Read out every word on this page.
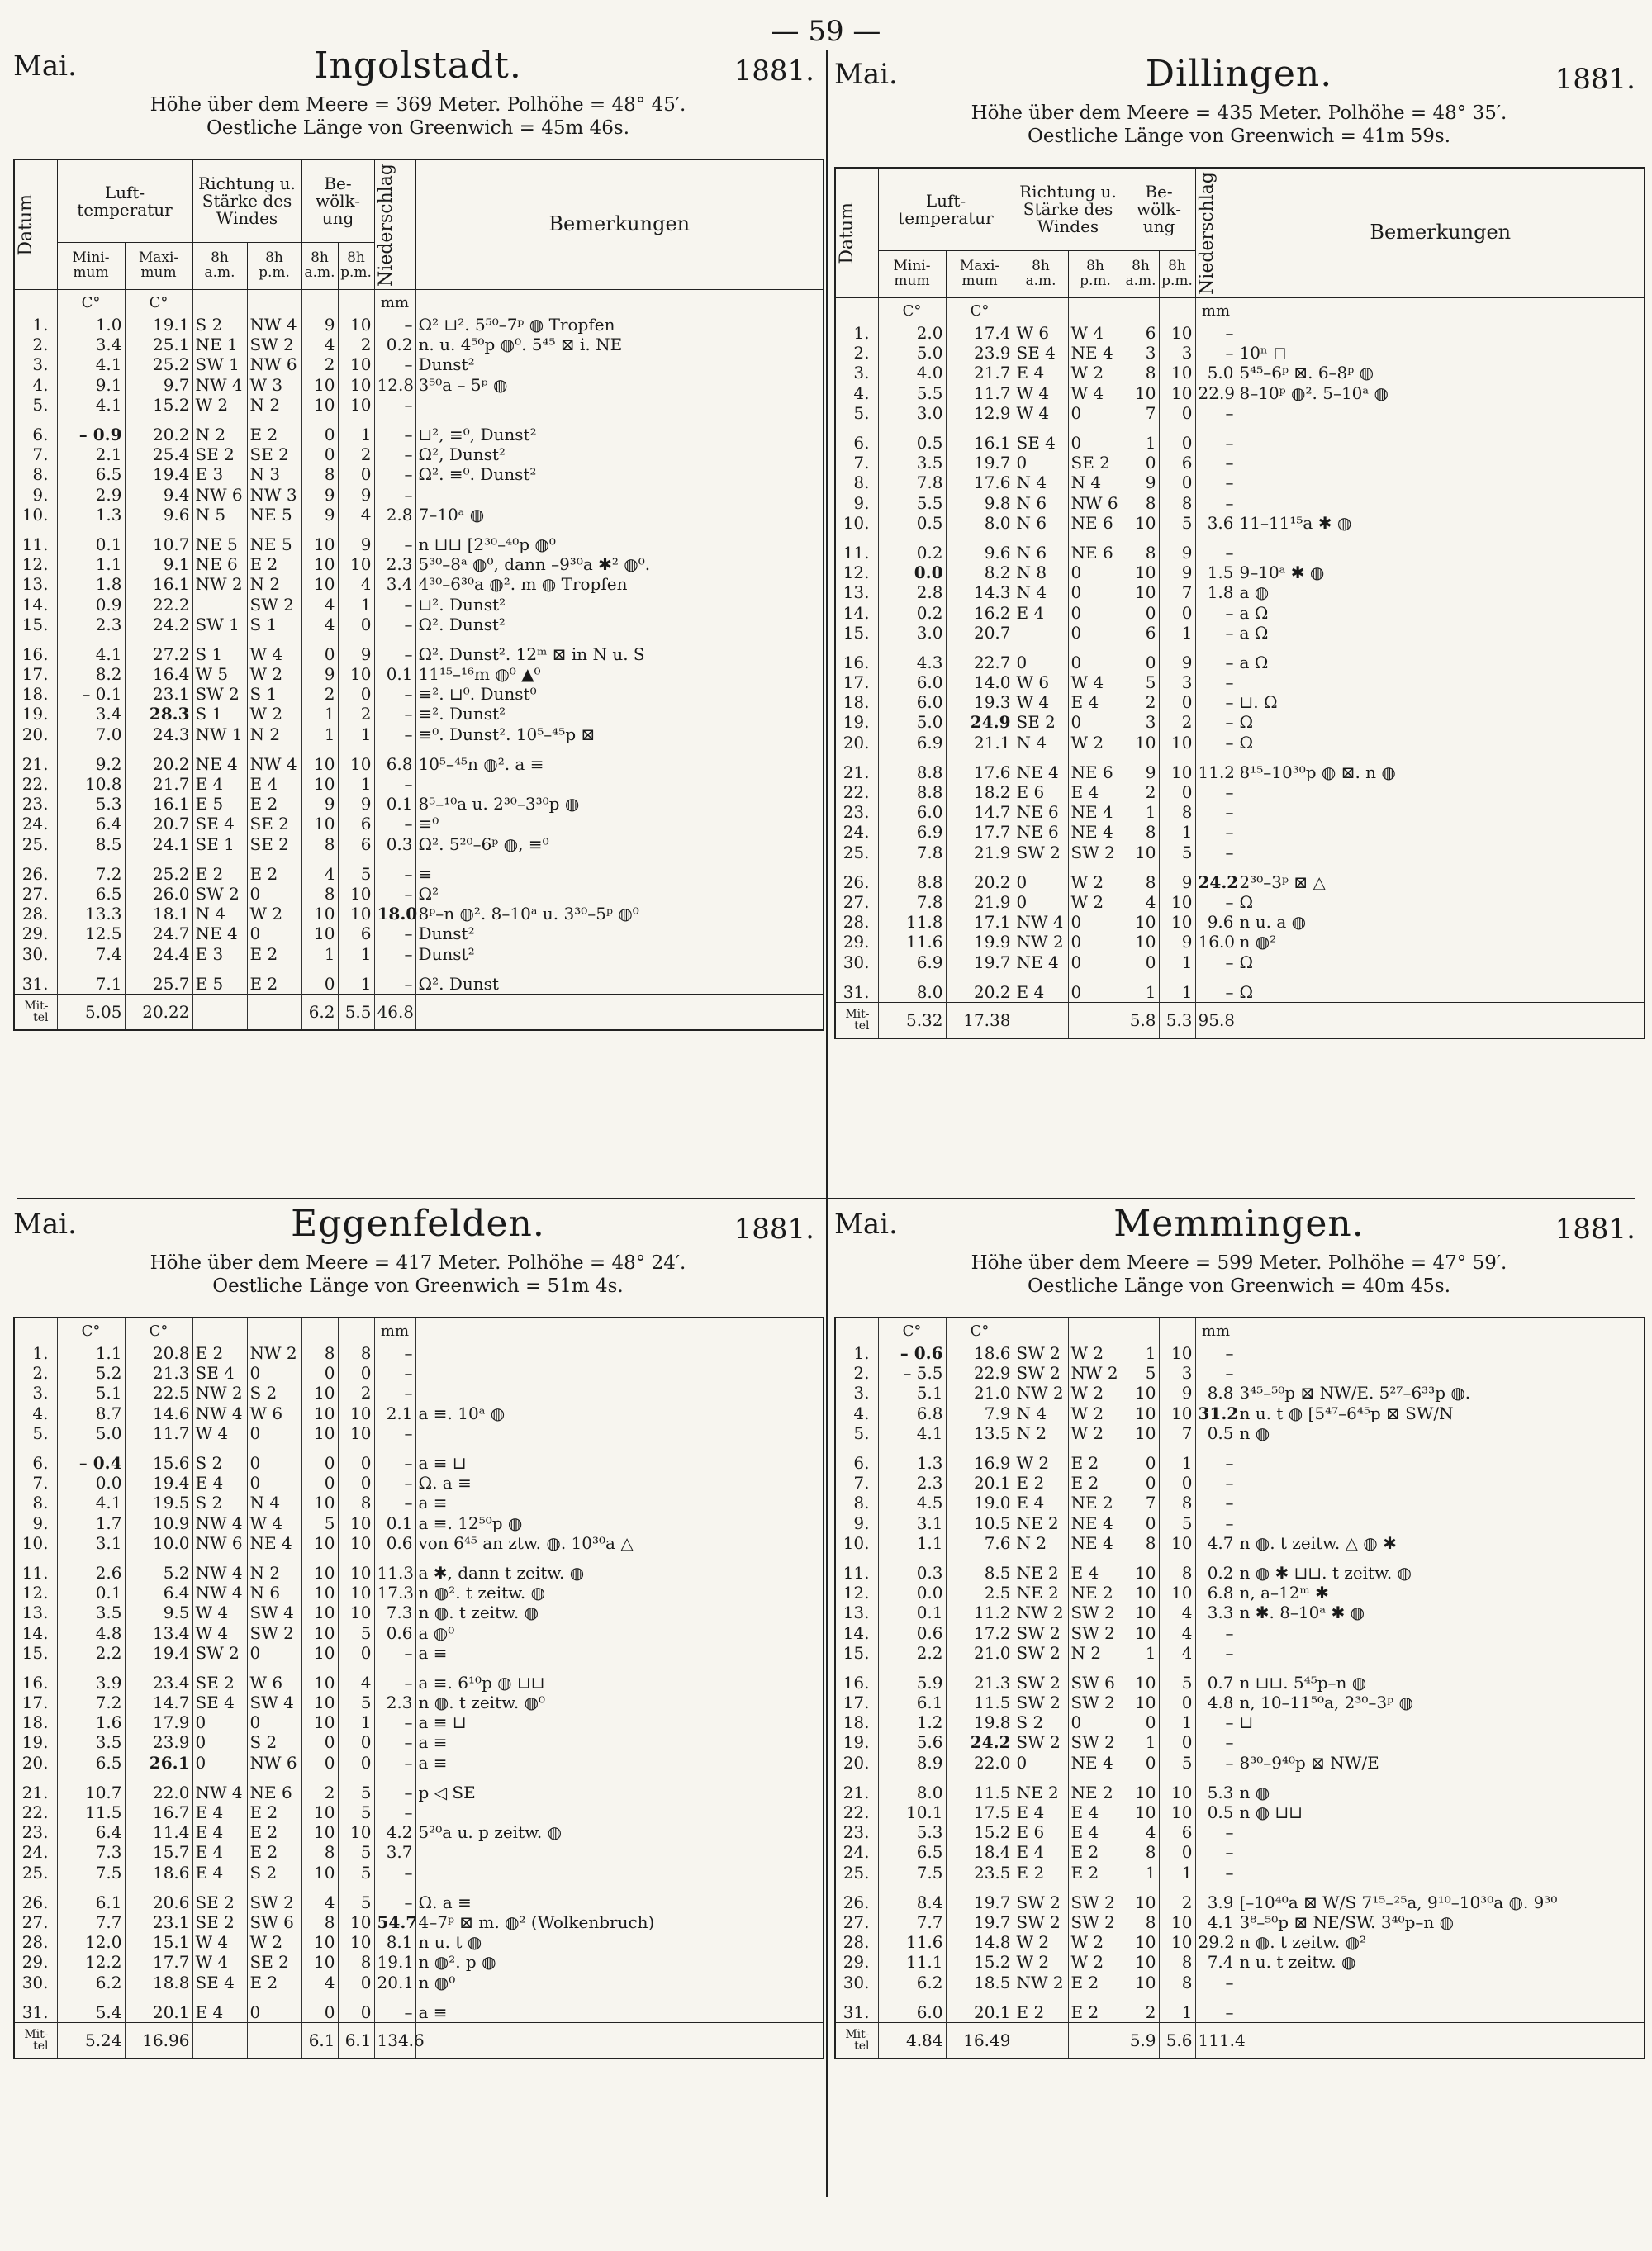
— 59 —
Mai.	Ingolstadt.	1881.
Höhe über dem Meere = 369 Meter. Polhöhe = 48° 45′.
Oestliche Länge von Greenwich = 45m 46s.
Datum	Luft-temperatur		Richtung u. Stärke des Windes		Be-wölk-ung		Niederschlag	Bemerkungen
	Mini-mum	Maxi-mum	8h a.m.	8h p.m.	8h a.m.	8h p.m.		
	C°	C°					mm	
1.	1.0	19.1	S 2	NW 4	9	10	–	Ω² ⊔². 5⁵⁰–7ᵖ ◍ Tropfen
2.	3.4	25.1	NE 1	SW 2	4	2	0.2	n. u. 4⁵⁰p ◍⁰. 5⁴⁵ ⊠ i. NE
3.	4.1	25.2	SW 1	NW 6	2	10	–	Dunst²
4.	9.1	9.7	NW 4	W 3	10	10	12.8	3⁵⁰a – 5ᵖ ◍
5.	4.1	15.2	W 2	N 2	10	10	–	
6.	– 0.9	20.2	N 2	E 2	0	1	–	⊔², ≡⁰, Dunst²
7.	2.1	25.4	SE 2	SE 2	0	2	–	Ω², Dunst²
8.	6.5	19.4	E 3	N 3	8	0	–	Ω². ≡⁰. Dunst²
9.	2.9	9.4	NW 6	NW 3	9	9	–	
10.	1.3	9.6	N 5	NE 5	9	4	2.8	7–10ᵃ ◍
11.	0.1	10.7	NE 5	NE 5	10	9	–	n ⊔⊔ [2³⁰–⁴⁰p ◍⁰
12.	1.1	9.1	NE 6	E 2	10	10	2.3	5³⁰–8ᵃ ◍⁰, dann –9³⁰a ✱² ◍⁰.
13.	1.8	16.1	NW 2	N 2	10	4	3.4	4³⁰–6³⁰a ◍². m ◍ Tropfen
14.	0.9	22.2		SW 2	4	1	–	⊔². Dunst²
15.	2.3	24.2	SW 1	S 1	4	0	–	Ω². Dunst²
16.	4.1	27.2	S 1	W 4	0	9	–	Ω². Dunst². 12ᵐ ⊠ in N u. S
17.	8.2	16.4	W 5	W 2	9	10	0.1	11¹⁵–¹⁶m ◍⁰ ▲⁰
18.	– 0.1	23.1	SW 2	S 1	2	0	–	≡². ⊔⁰. Dunst⁰
19.	3.4	28.3	S 1	W 2	1	2	–	≡². Dunst²
20.	7.0	24.3	NW 1	N 2	1	1	–	≡⁰. Dunst². 10⁵–⁴⁵p ⊠
21.	9.2	20.2	NE 4	NW 4	10	10	6.8	10⁵–⁴⁵n ◍². a ≡
22.	10.8	21.7	E 4	E 4	10	1	–	
23.	5.3	16.1	E 5	E 2	9	9	0.1	8⁵–¹⁰a u. 2³⁰–3³⁰p ◍
24.	6.4	20.7	SE 4	SE 2	10	6	–	≡⁰
25.	8.5	24.1	SE 1	SE 2	8	6	0.3	Ω². 5²⁰–6ᵖ ◍, ≡⁰
26.	7.2	25.2	E 2	E 2	4	5	–	≡
27.	6.5	26.0	SW 2	0	8	10	–	Ω²
28.	13.3	18.1	N 4	W 2	10	10	18.0	8ᵖ–n ◍². 8–10ᵃ u. 3³⁰–5ᵖ ◍⁰
29.	12.5	24.7	NE 4	0	10	6	–	Dunst²
30.	7.4	24.4	E 3	E 2	1	1	–	Dunst²
31.	7.1	25.7	E 5	E 2	0	1	–	Ω². Dunst
Mit-tel	5.05	20.22			6.2	5.5	46.8	
Mai.	Dillingen.	1881.
Höhe über dem Meere = 435 Meter. Polhöhe = 48° 35′.
Oestliche Länge von Greenwich = 41m 59s.
Datum	Luft-temperatur		Richtung u. Stärke des Windes		Be-wölk-ung		Niederschlag	Bemerkungen
	Mini-mum	Maxi-mum	8h a.m.	8h p.m.	8h a.m.	8h p.m.		
	C°	C°					mm	
1.	2.0	17.4	W 6	W 4	6	10	–	
2.	5.0	23.9	SE 4	NE 4	3	3	–	10ⁿ ⊓
3.	4.0	21.7	E 4	W 2	8	10	5.0	5⁴⁵–6ᵖ ⊠. 6–8ᵖ ◍
4.	5.5	11.7	W 4	W 4	10	10	22.9	8–10ᵖ ◍². 5–10ᵃ ◍
5.	3.0	12.9	W 4	0	7	0	–	
6.	0.5	16.1	SE 4	0	1	0	–	
7.	3.5	19.7	0	SE 2	0	6	–	
8.	7.8	17.6	N 4	N 4	9	0	–	
9.	5.5	9.8	N 6	NW 6	8	8	–	
10.	0.5	8.0	N 6	NE 6	10	5	3.6	11–11¹⁵a ✱ ◍
11.	0.2	9.6	N 6	NE 6	8	9	–	
12.	0.0	8.2	N 8	0	10	9	1.5	9–10ᵃ ✱ ◍
13.	2.8	14.3	N 4	0	10	7	1.8	a ◍
14.	0.2	16.2	E 4	0	0	0	–	a Ω
15.	3.0	20.7		0	6	1	–	a Ω
16.	4.3	22.7	0	0	0	9	–	a Ω
17.	6.0	14.0	W 6	W 4	5	3	–	
18.	6.0	19.3	W 4	E 4	2	0	–	⊔. Ω
19.	5.0	24.9	SE 2	0	3	2	–	Ω
20.	6.9	21.1	N 4	W 2	10	10	–	Ω
21.	8.8	17.6	NE 4	NE 6	9	10	11.2	8¹⁵–10³⁰p ◍ ⊠. n ◍
22.	8.8	18.2	E 6	E 4	2	0	–	
23.	6.0	14.7	NE 6	NE 4	1	8	–	
24.	6.9	17.7	NE 6	NE 4	8	1	–	
25.	7.8	21.9	SW 2	SW 2	10	5	–	
26.	8.8	20.2	0	W 2	8	9	24.2	2³⁰–3ᵖ ⊠ △
27.	7.8	21.9	0	W 2	4	10	–	Ω
28.	11.8	17.1	NW 4	0	10	10	9.6	n u. a ◍
29.	11.6	19.9	NW 2	0	10	9	16.0	n ◍²
30.	6.9	19.7	NE 4	0	0	1	–	Ω
31.	8.0	20.2	E 4	0	1	1	–	Ω
Mit-tel	5.32	17.38			5.8	5.3	95.8	
Mai.	Eggenfelden.	1881.
Höhe über dem Meere = 417 Meter. Polhöhe = 48° 24′.
Oestliche Länge von Greenwich = 51m 4s.
	C°	C°					mm	
1.	1.1	20.8	E 2	NW 2	8	8	–	
2.	5.2	21.3	SE 4	0	0	0	–	
3.	5.1	22.5	NW 2	S 2	10	2	–	
4.	8.7	14.6	NW 4	W 6	10	10	2.1	a ≡. 10ᵃ ◍
5.	5.0	11.7	W 4	0	10	10	–	
6.	– 0.4	15.6	S 2	0	0	0	–	a ≡ ⊔
7.	0.0	19.4	E 4	0	0	0	–	Ω. a ≡
8.	4.1	19.5	S 2	N 4	10	8	–	a ≡
9.	1.7	10.9	NW 4	W 4	5	10	0.1	a ≡. 12⁵⁰p ◍
10.	3.1	10.0	NW 6	NE 4	10	10	0.6	von 6⁴⁵ an ztw. ◍. 10³⁰a △
11.	2.6	5.2	NW 4	N 2	10	10	11.3	a ✱, dann t zeitw. ◍
12.	0.1	6.4	NW 4	N 6	10	10	17.3	n ◍². t zeitw. ◍
13.	3.5	9.5	W 4	SW 4	10	10	7.3	n ◍. t zeitw. ◍
14.	4.8	13.4	W 4	SW 2	10	5	0.6	a ◍⁰
15.	2.2	19.4	SW 2	0	10	0	–	a ≡
16.	3.9	23.4	SE 2	W 6	10	4	–	a ≡. 6¹⁰p ◍ ⊔⊔
17.	7.2	14.7	SE 4	SW 4	10	5	2.3	n ◍. t zeitw. ◍⁰
18.	1.6	17.9	0	0	10	1	–	a ≡ ⊔
19.	3.5	23.9	0	S 2	0	0	–	a ≡
20.	6.5	26.1	0	NW 6	0	0	–	a ≡
21.	10.7	22.0	NW 4	NE 6	2	5	–	p ◁ SE
22.	11.5	16.7	E 4	E 2	10	5	–	
23.	6.4	11.4	E 4	E 2	10	10	4.2	5²⁰a u. p zeitw. ◍
24.	7.3	15.7	E 4	E 2	8	5	3.7	
25.	7.5	18.6	E 4	S 2	10	5	–	
26.	6.1	20.6	SE 2	SW 2	4	5	–	Ω. a ≡
27.	7.7	23.1	SE 2	SW 6	8	10	54.7	4–7ᵖ ⊠ m. ◍² (Wolkenbruch)
28.	12.0	15.1	W 4	W 2	10	10	8.1	n u. t ◍
29.	12.2	17.7	W 4	SE 2	10	8	19.1	n ◍². p ◍
30.	6.2	18.8	SE 4	E 2	4	0	20.1	n ◍⁰
31.	5.4	20.1	E 4	0	0	0	–	a ≡
Mit-tel	5.24	16.96			6.1	6.1	134.6	
Mai.	Memmingen.	1881.
Höhe über dem Meere = 599 Meter. Polhöhe = 47° 59′.
Oestliche Länge von Greenwich = 40m 45s.
	C°	C°					mm	
1.	– 0.6	18.6	SW 2	W 2	1	10	–	
2.	– 5.5	22.9	SW 2	NW 2	5	3	–	
3.	5.1	21.0	NW 2	W 2	10	9	8.8	3⁴⁵–⁵⁰p ⊠ NW/E. 5²⁷–6³³p ◍.
4.	6.8	7.9	N 4	W 2	10	10	31.2	n u. t ◍ [5⁴⁷–6⁴⁵p ⊠ SW/N
5.	4.1	13.5	N 2	W 2	10	7	0.5	n ◍
6.	1.3	16.9	W 2	E 2	0	1	–	
7.	2.3	20.1	E 2	E 2	0	0	–	
8.	4.5	19.0	E 4	NE 2	7	8	–	
9.	3.1	10.5	NE 2	NE 4	0	5	–	
10.	1.1	7.6	N 2	NE 4	8	10	4.7	n ◍. t zeitw. △ ◍ ✱
11.	0.3	8.5	NE 2	E 4	10	8	0.2	n ◍ ✱ ⊔⊔. t zeitw. ◍
12.	0.0	2.5	NE 2	NE 2	10	10	6.8	n, a–12ᵐ ✱
13.	0.1	11.2	NW 2	SW 2	10	4	3.3	n ✱. 8–10ᵃ ✱ ◍
14.	0.6	17.2	SW 2	SW 2	10	4	–	
15.	2.2	21.0	SW 2	N 2	1	4	–	
16.	5.9	21.3	SW 2	SW 6	10	5	0.7	n ⊔⊔. 5⁴⁵p–n ◍
17.	6.1	11.5	SW 2	SW 2	10	0	4.8	n, 10–11⁵⁰a, 2³⁰–3ᵖ ◍
18.	1.2	19.8	S 2	0	0	1	–	⊔
19.	5.6	24.2	SW 2	SW 2	1	0	–	
20.	8.9	22.0	0	NE 4	0	5	–	8³⁰–9⁴⁰p ⊠ NW/E
21.	8.0	11.5	NE 2	NE 2	10	10	5.3	n ◍
22.	10.1	17.5	E 4	E 4	10	10	0.5	n ◍ ⊔⊔
23.	5.3	15.2	E 6	E 4	4	6	–	
24.	6.5	18.4	E 4	E 2	8	0	–	
25.	7.5	23.5	E 2	E 2	1	1	–	
26.	8.4	19.7	SW 2	SW 2	10	2	3.9	[–10⁴⁰a ⊠ W/S 7¹⁵–²⁵a, 9¹⁰–10³⁰a ◍. 9³⁰
27.	7.7	19.7	SW 2	SW 2	8	10	4.1	3⁸–⁵⁰p ⊠ NE/SW. 3⁴⁰p–n ◍
28.	11.6	14.8	W 2	W 2	10	10	29.2	n ◍. t zeitw. ◍²
29.	11.1	15.2	W 2	W 2	10	8	7.4	n u. t zeitw. ◍
30.	6.2	18.5	NW 2	E 2	10	8	–	
31.	6.0	20.1	E 2	E 2	2	1	–	
Mit-tel	4.84	16.49			5.9	5.6	111.4	
